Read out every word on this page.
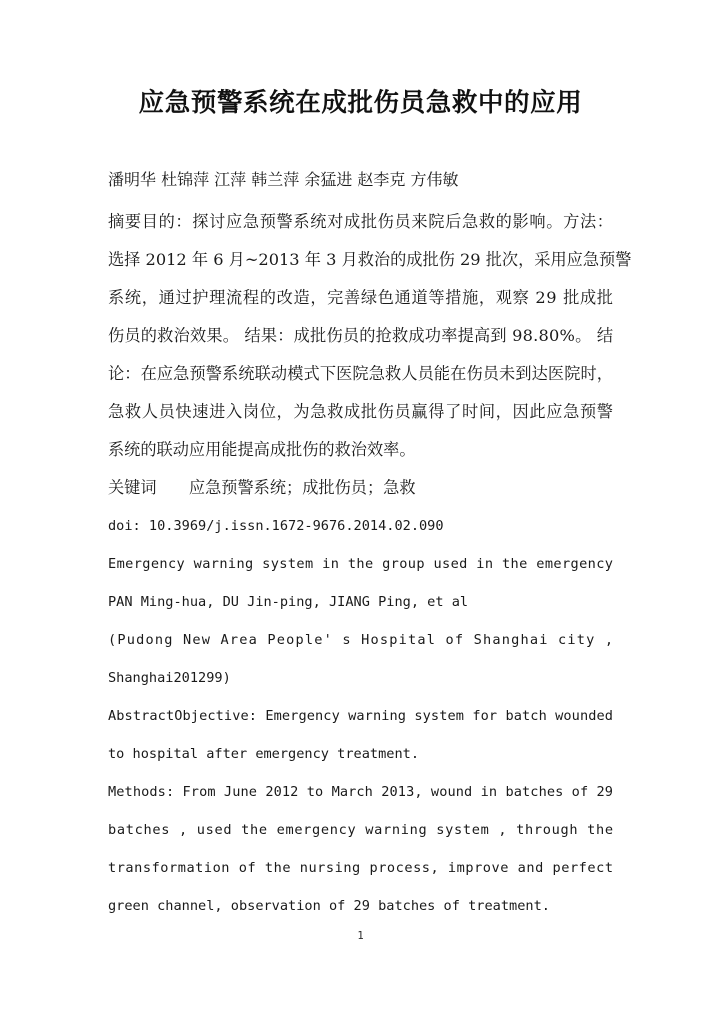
应急预警系统在成批伤员急救中的应用

潘明华 杜锦萍 江萍 韩兰萍 余猛进 赵李克 方伟敏

摘要目的：探讨应急预警系统对成批伤员来院后急救的影响。方法：
选择 2012 年 6 月~2013 年 3 月救治的成批伤 29 批次，采用应急预警
系统，通过护理流程的改造，完善绿色通道等措施，观察 29 批成批
伤员的救治效果。 结果：成批伤员的抢救成功率提高到 98.80%。 结
论：在应急预警系统联动模式下医院急救人员能在伤员未到达医院时，
急救人员快速进入岗位，为急救成批伤员赢得了时间，因此应急预警
系统的联动应用能提高成批伤的救治效率。
关键词　　应急预警系统；成批伤员；急救
doi: 10.3969/j.issn.1672-9676.2014.02.090
Emergency warning system in the group used in the emergency
PAN Ming-hua, DU Jin-ping, JIANG Ping, et al
(Pudong New Area People' s Hospital of Shanghai city ,
Shanghai201299)
AbstractObjective: Emergency warning system for batch wounded
to hospital after emergency treatment.
Methods: From June 2012 to March 2013, wound in batches of 29
batches , used the emergency warning system , through the
transformation of the nursing process, improve and perfect
green channel, observation of 29 batches of treatment.
1
